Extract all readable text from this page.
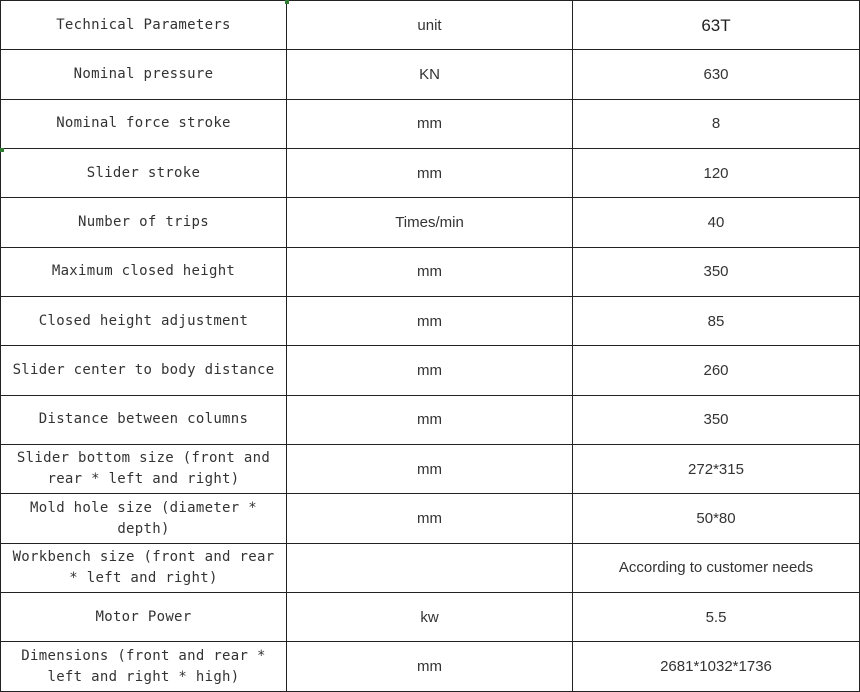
Technical Parameters	unit	63T
Nominal pressure	KN	630
Nominal force stroke	mm	8
Slider stroke	mm	120
Number of trips	Times/min	40
Maximum closed height	mm	350
Closed height adjustment	mm	85
Slider center to body distance	mm	260
Distance between columns	mm	350
Slider bottom size (front and rear * left and right)	mm	272*315
Mold hole size (diameter * depth)	mm	50*80
Workbench size (front and rear * left and right)		According to customer needs
Motor Power	kw	5.5
Dimensions (front and rear * left and right * high)	mm	2681*1032*1736
